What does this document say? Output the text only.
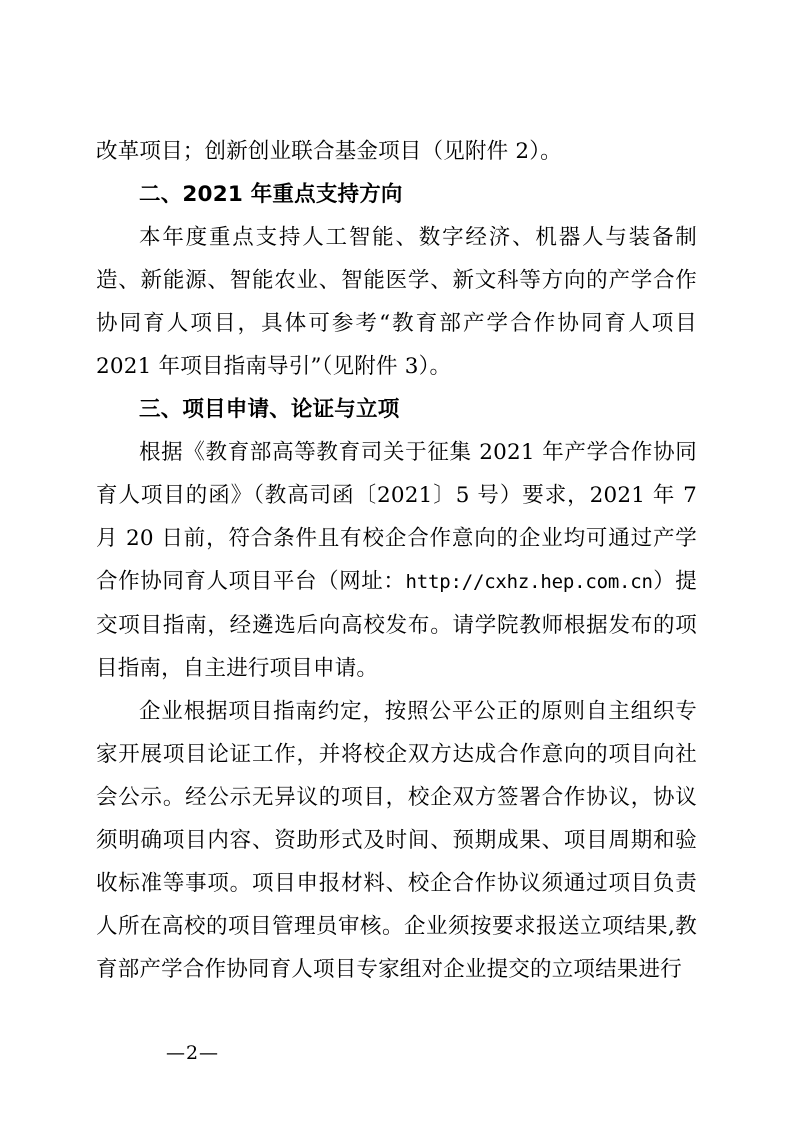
改革项目；创新创业联合基金项目（见附件 2）。

二、2021 年重点支持方向

本年度重点支持人工智能、数字经济、机器人与装备制造、新能源、智能农业、智能医学、新文科等方向的产学合作协同育人项目，具体可参考“教育部产学合作协同育人项目 2021 年项目指南导引”（见附件 3）。

三、项目申请、论证与立项

根据《教育部高等教育司关于征集 2021 年产学合作协同育人项目的函》（教高司函〔2021〕5 号）要求，2021 年 7 月 20 日前，符合条件且有校企合作意向的企业均可通过产学合作协同育人项目平台（网址：http://cxhz.hep.com.cn）提交项目指南，经遴选后向高校发布。请学院教师根据发布的项目指南，自主进行项目申请。

企业根据项目指南约定，按照公平公正的原则自主组织专家开展项目论证工作，并将校企双方达成合作意向的项目向社会公示。经公示无异议的项目，校企双方签署合作协议，协议须明确项目内容、资助形式及时间、预期成果、项目周期和验收标准等事项。项目申报材料、校企合作协议须通过项目负责人所在高校的项目管理员审核。企业须按要求报送立项结果,教育部产学合作协同育人项目专家组对企业提交的立项结果进行

—2—
